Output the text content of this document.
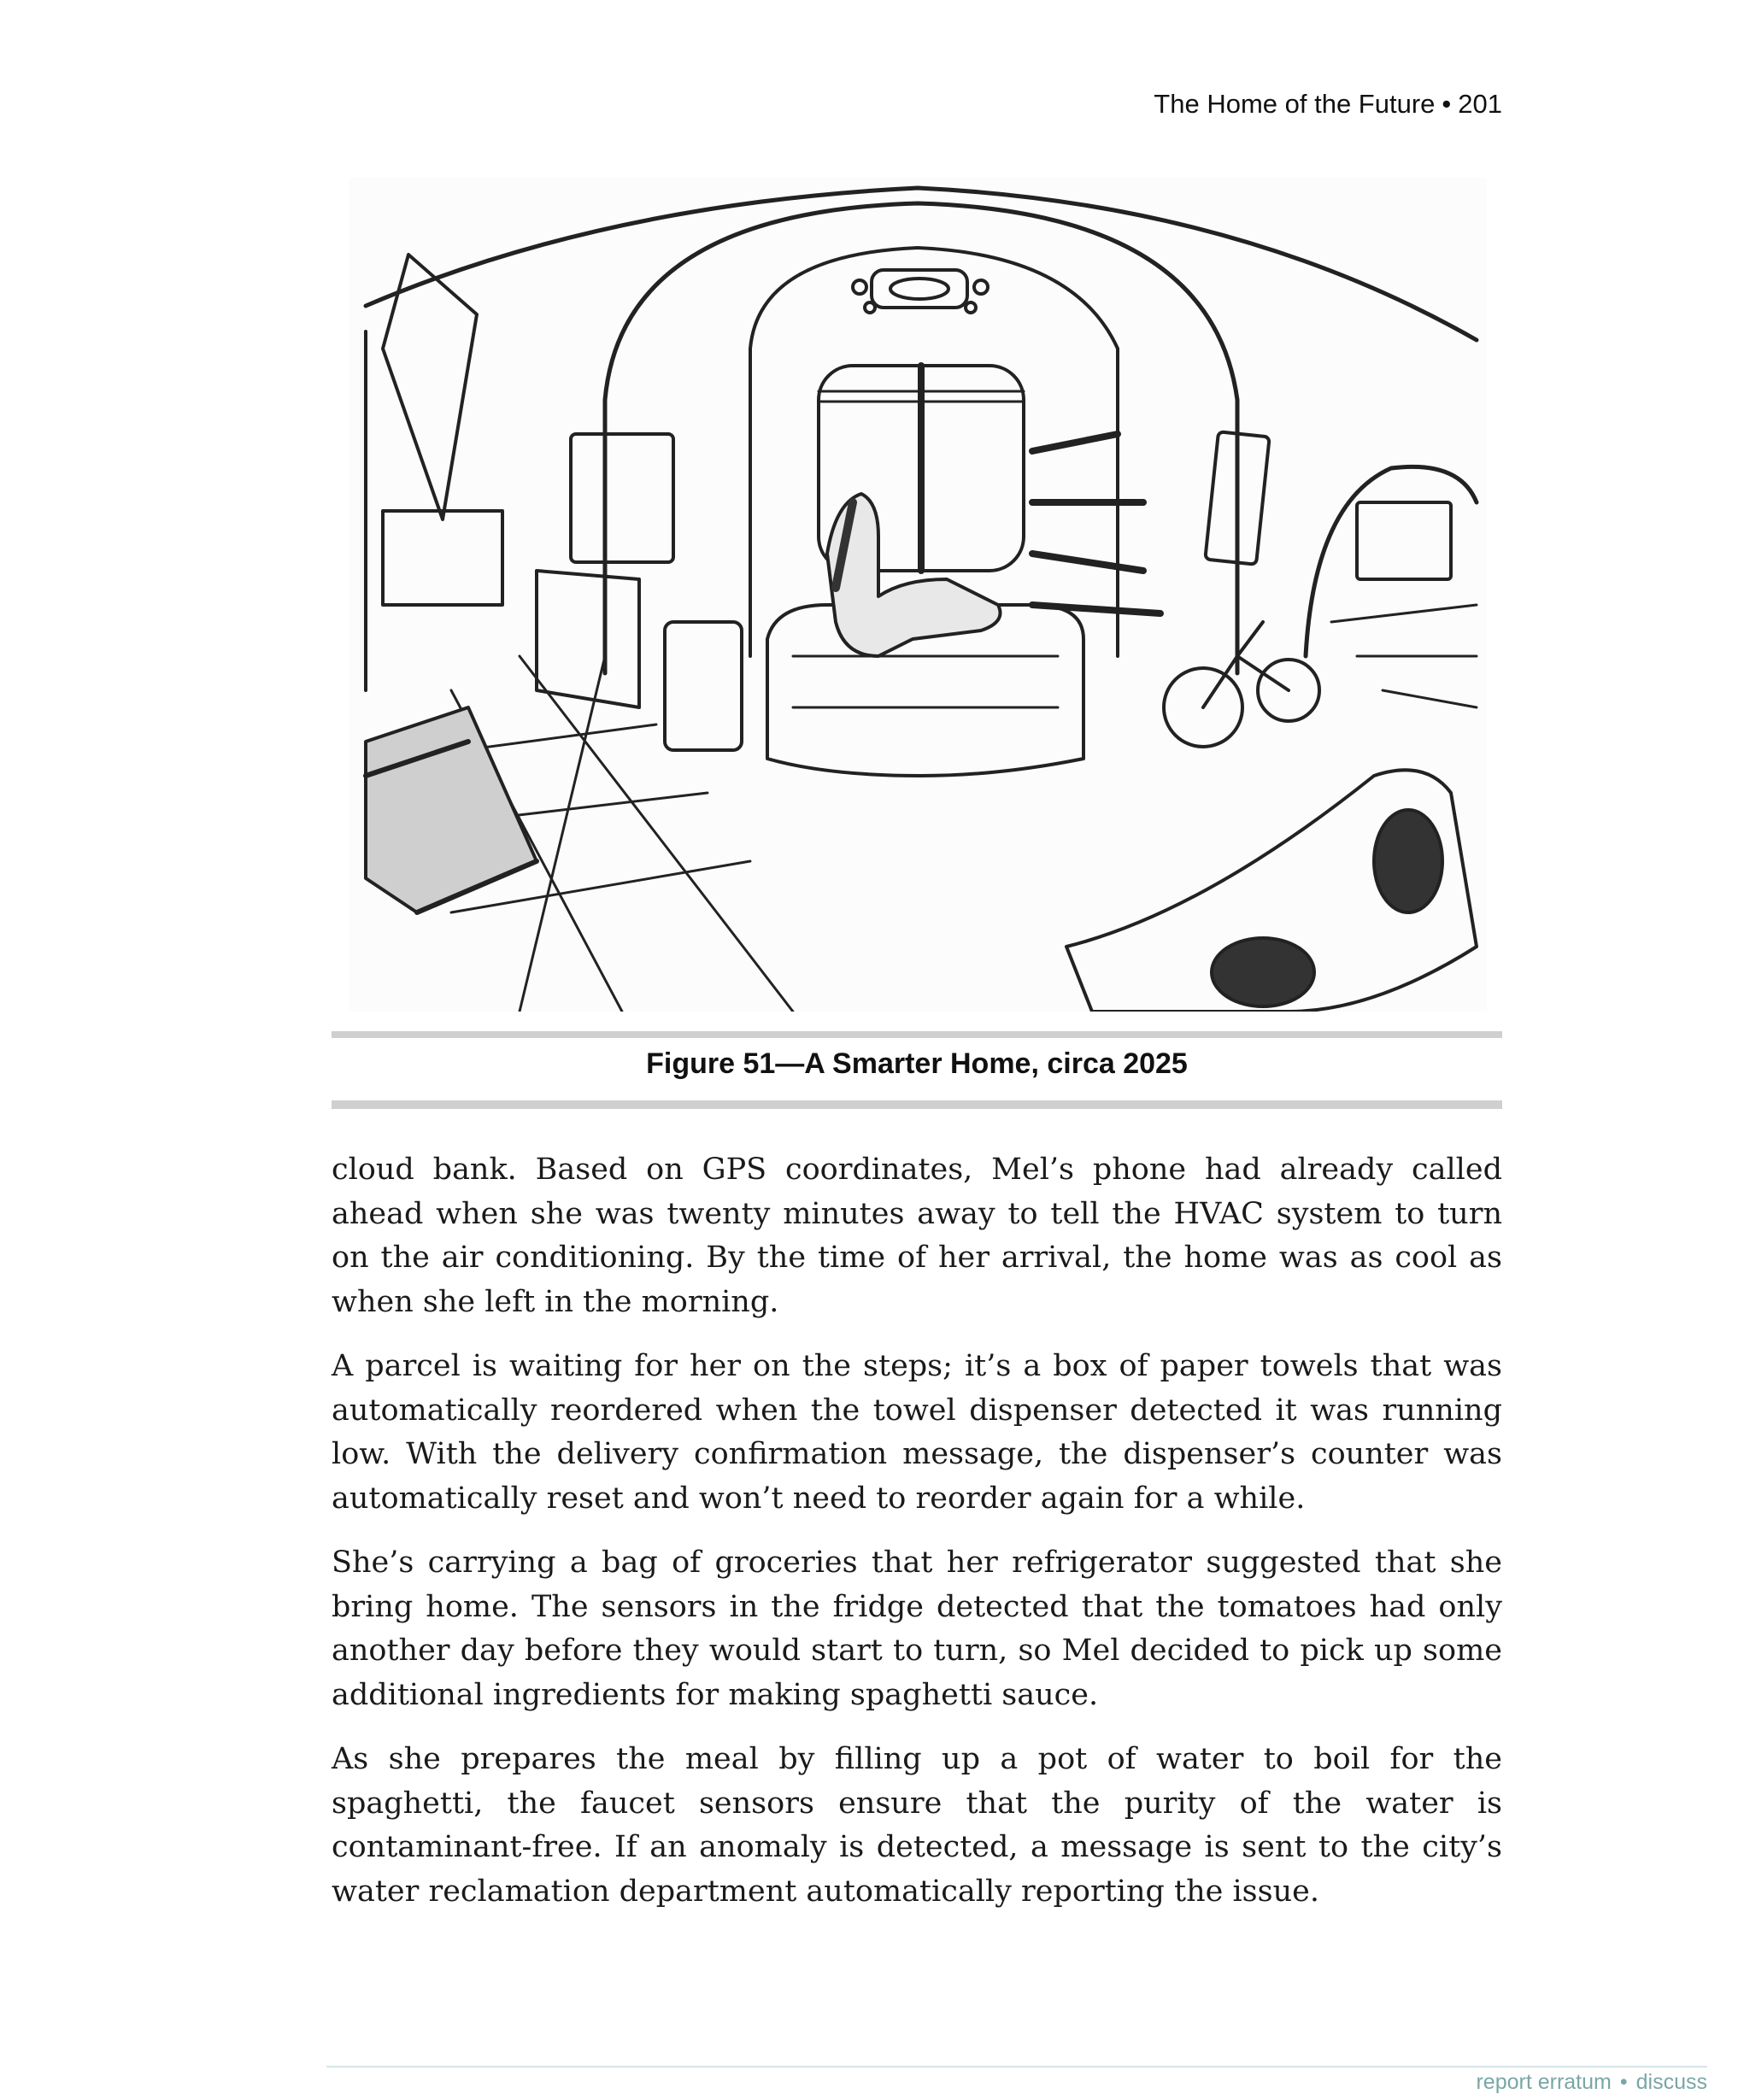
The Home of the Future • 201
Figure 51—A Smarter Home, circa 2025

cloud bank. Based on GPS coordinates, Mel’s phone had already called ahead when she was twenty minutes away to tell the HVAC system to turn on the air conditioning. By the time of her arrival, the home was as cool as when she left in the morning.

A parcel is waiting for her on the steps; it’s a box of paper towels that was automatically reordered when the towel dispenser detected it was running low. With the delivery confirmation message, the dispenser’s counter was automatically reset and won’t need to reorder again for a while.

She’s carrying a bag of groceries that her refrigerator suggested that she bring home. The sensors in the fridge detected that the tomatoes had only another day before they would start to turn, so Mel decided to pick up some additional ingredients for making spaghetti sauce.

As she prepares the meal by filling up a pot of water to boil for the spaghetti, the faucet sensors ensure that the purity of the water is contaminant-free. If an anomaly is detected, a message is sent to the city’s water reclamation department automatically reporting the issue.

report erratum • discuss
